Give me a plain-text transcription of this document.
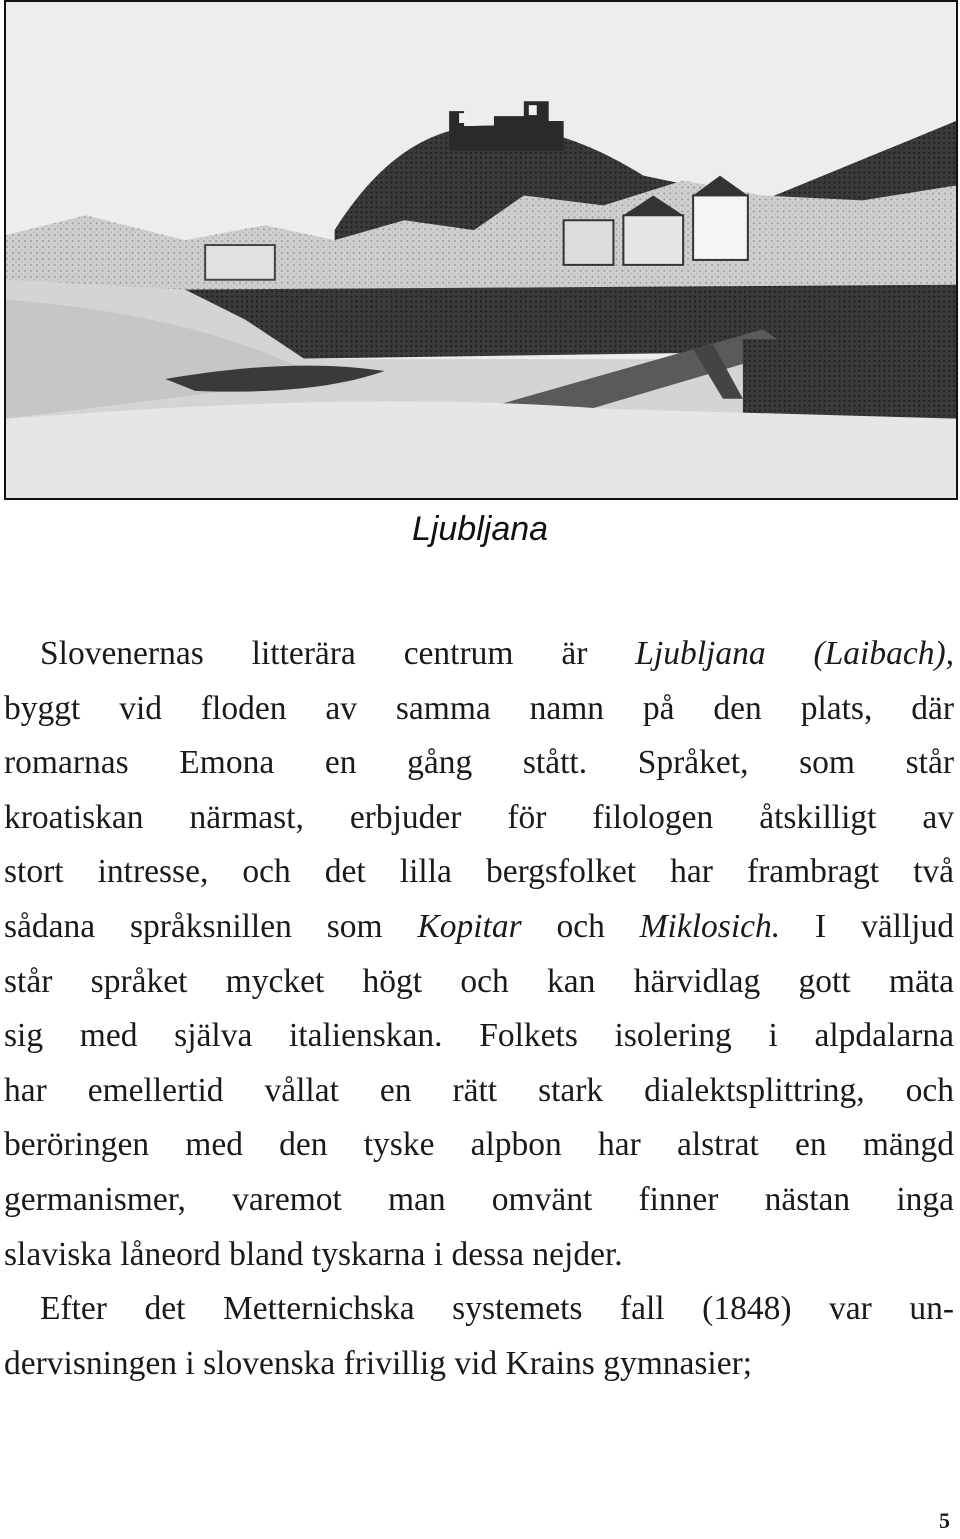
Ljubljana
Slovenernas litterära centrum är Ljubljana (Laibach),
byggt vid floden av samma namn på den plats, där
romarnas Emona en gång stått. Språket, som står
kroatiskan närmast, erbjuder för filologen åtskilligt av
stort intresse, och det lilla bergsfolket har frambragt två
sådana språksnillen som Kopitar och Miklosich. I välljud
står språket mycket högt och kan härvidlag gott mäta
sig med själva italienskan. Folkets isolering i alpdalarna
har emellertid vållat en rätt stark dialektsplittring, och
beröringen med den tyske alpbon har alstrat en mängd
germanismer, varemot man omvänt finner nästan inga
slaviska låneord bland tyskarna i dessa nejder.
Efter det Metternichska systemets fall (1848) var un-
dervisningen i slovenska frivillig vid Krains gymnasier;
5
